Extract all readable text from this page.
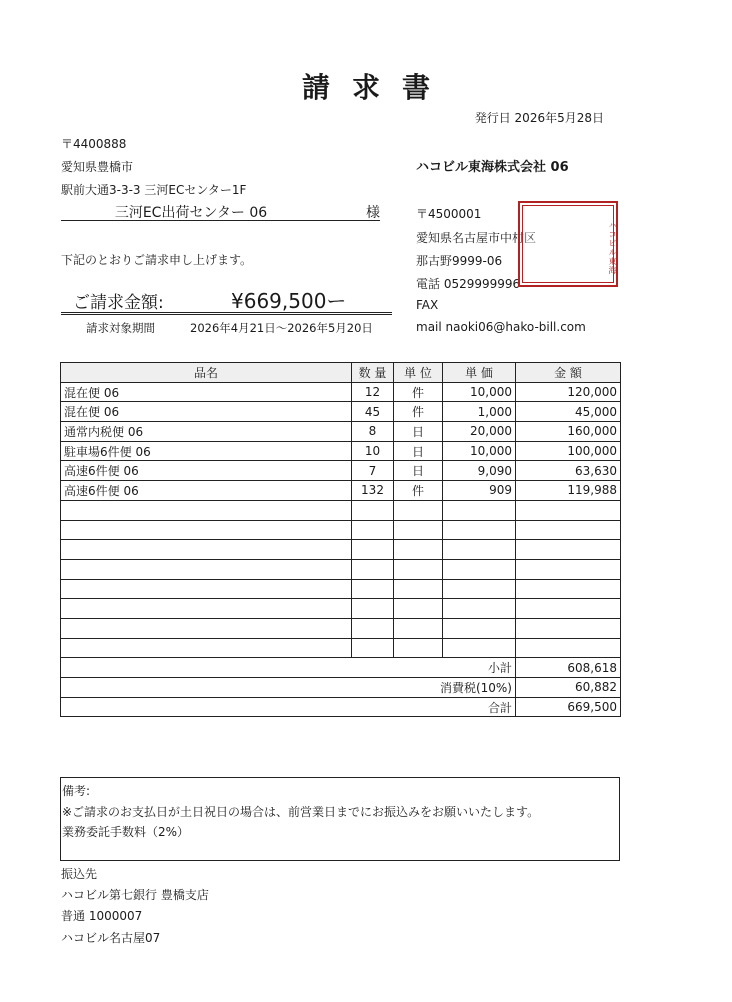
請求書
発行日 2026年5月28日
〒4400888
愛知県豊橋市
駅前大通3-3-3 三河ECセンター1F
三河EC出荷センター 06	様
下記のとおりご請求申し上げます。
ご請求金額:	¥669,500ー
請求対象期間	2026年4月21日～2026年5月20日
ハコビル東海株式会社 06
〒4500001
愛知県名古屋市中村区
那古野9999-06
電話 0529999996
FAX
mail naoki06@hako-bill.com
ハコビル東海
品名	数 量	単 位	単 価	金 額
混在便 06	12	件	10,000	120,000
混在便 06	45	件	1,000	45,000
通常内税便 06	8	日	20,000	160,000
駐車場6件便 06	10	日	10,000	100,000
高速6件便 06	7	日	9,090	63,630
高速6件便 06	132	件	909	119,988

小計				608,618
消費税(10%)				60,882
合計				669,500
備考:
※ご請求のお支払日が土日祝日の場合は、前営業日までにお振込みをお願いいたします。
業務委託手数料（2%）
振込先
ハコビル第七銀行 豊橋支店
普通 1000007
ハコビル名古屋07
